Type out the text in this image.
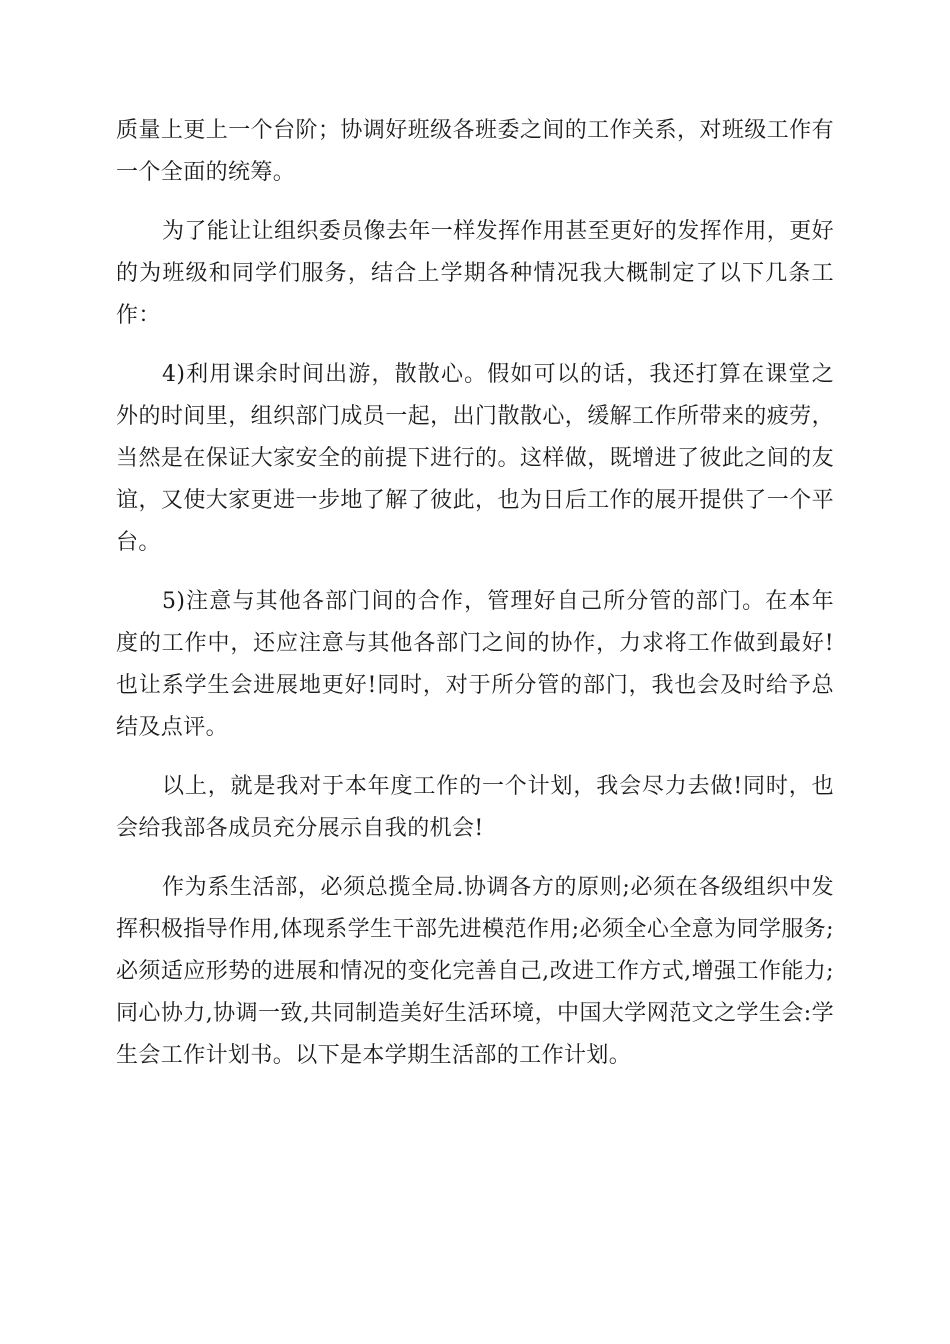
质量上更上一个台阶；协调好班级各班委之间的工作关系，对班级工作有一个全面的统筹。

为了能让让组织委员像去年一样发挥作用甚至更好的发挥作用，更好的为班级和同学们服务，结合上学期各种情况我大概制定了以下几条工作：

4)利用课余时间出游，散散心。假如可以的话，我还打算在课堂之外的时间里，组织部门成员一起，出门散散心，缓解工作所带来的疲劳，当然是在保证大家安全的前提下进行的。这样做，既增进了彼此之间的友谊，又使大家更进一步地了解了彼此，也为日后工作的展开提供了一个平台。

5)注意与其他各部门间的合作，管理好自己所分管的部门。在本年度的工作中，还应注意与其他各部门之间的协作，力求将工作做到最好!也让系学生会进展地更好!同时，对于所分管的部门，我也会及时给予总结及点评。

以上，就是我对于本年度工作的一个计划，我会尽力去做!同时，也会给我部各成员充分展示自我的机会!

作为系生活部，必须总揽全局.协调各方的原则;必须在各级组织中发挥积极指导作用,体现系学生干部先进模范作用;必须全心全意为同学服务;必须适应形势的进展和情况的变化完善自己,改进工作方式,增强工作能力;同心协力,协调一致,共同制造美好生活环境，中国大学网范文之学生会:学生会工作计划书。以下是本学期生活部的工作计划。
